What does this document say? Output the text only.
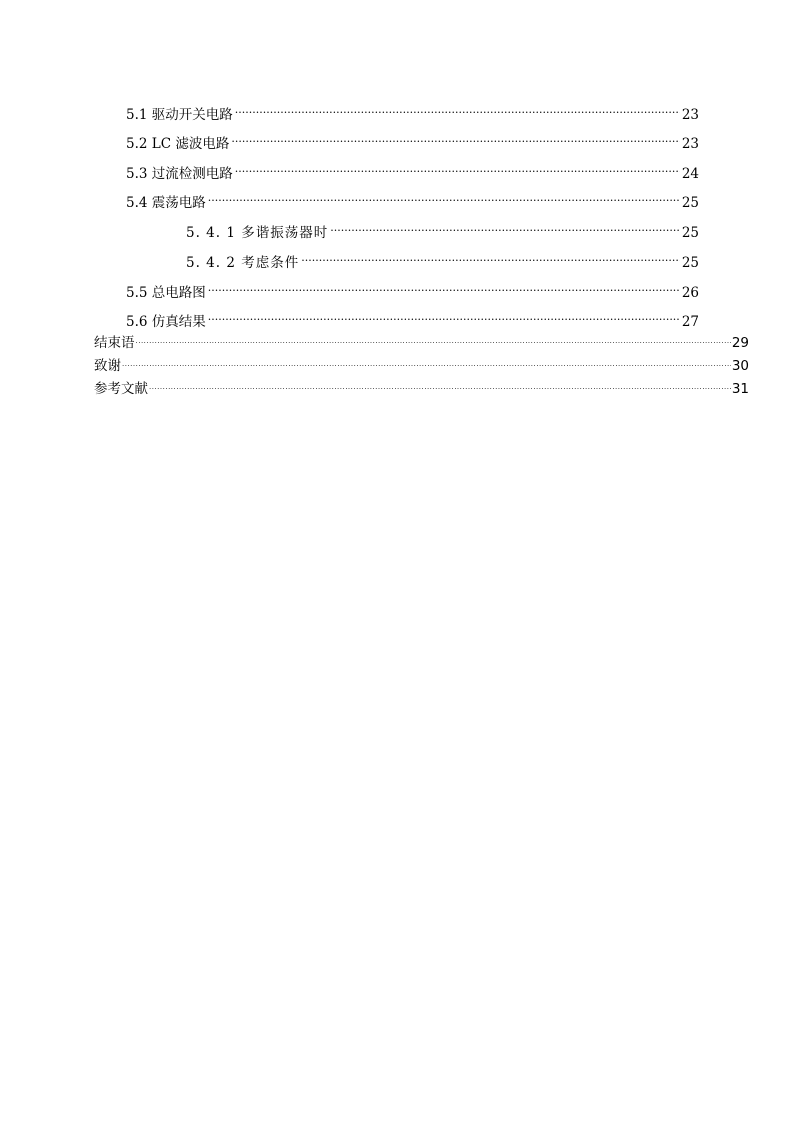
5.1 驱动开关电路 ·····	23
5.2 LC 滤波电路 ·····	23
5.3 过流检测电路 ·····	24
5.4 震荡电路 ·····	25
5. 4. 1 多谐振荡器时 ·····	25
5. 4. 2 考虑条件 ·····	25
5.5 总电路图 ·····	26
5.6 仿真结果 ·····	27
结束语 ·····	29
致谢 ·····	30
参考文献 ·····	31
